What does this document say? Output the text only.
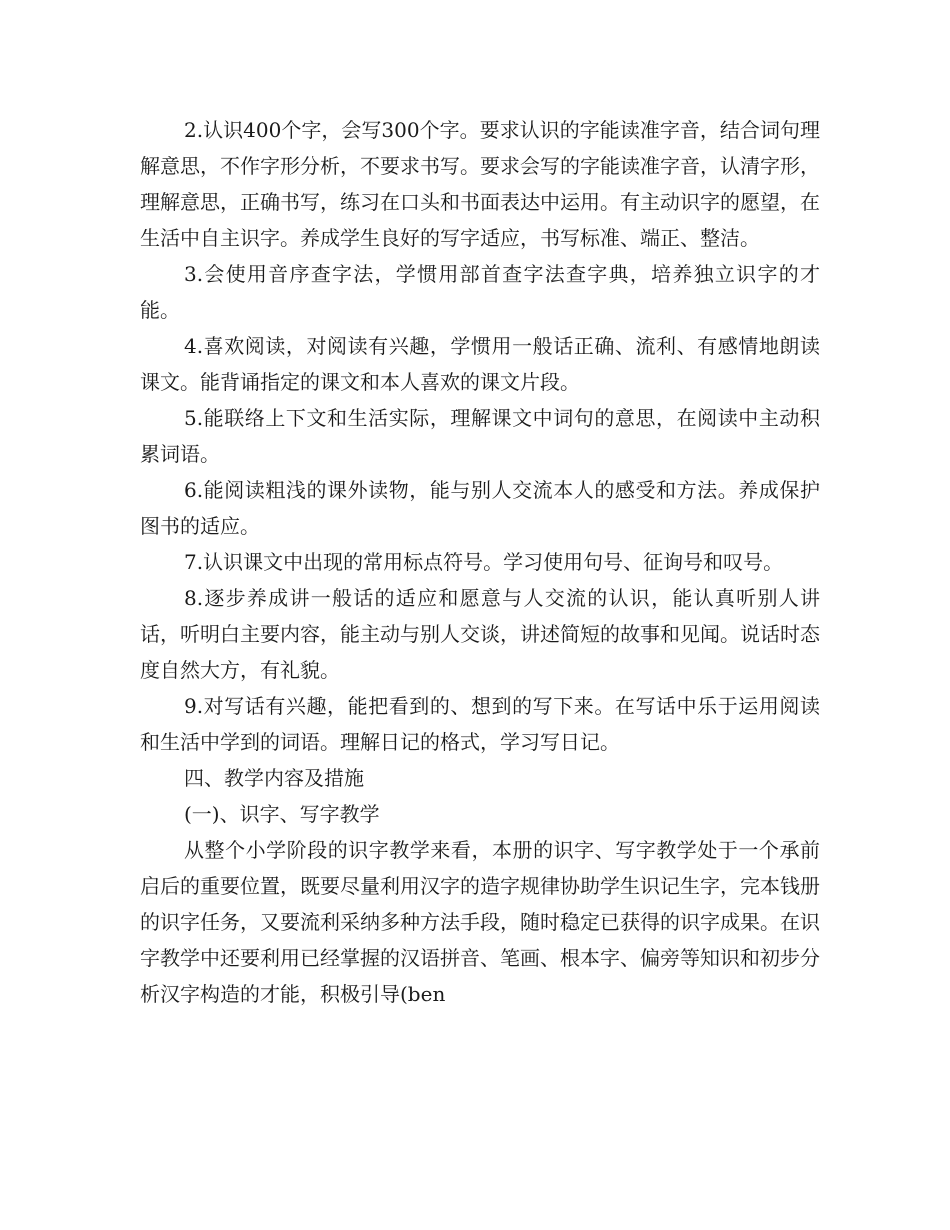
2.认识400个字，会写300个字。要求认识的字能读准字音，结合词句理解意思，不作字形分析，不要求书写。要求会写的字能读准字音，认清字形，理解意思，正确书写，练习在口头和书面表达中运用。有主动识字的愿望，在生活中自主识字。养成学生良好的写字适应，书写标准、端正、整洁。

3.会使用音序查字法，学惯用部首查字法查字典，培养独立识字的才能。

4.喜欢阅读，对阅读有兴趣，学惯用一般话正确、流利、有感情地朗读课文。能背诵指定的课文和本人喜欢的课文片段。

5.能联络上下文和生活实际，理解课文中词句的意思，在阅读中主动积累词语。

6.能阅读粗浅的课外读物，能与别人交流本人的感受和方法。养成保护图书的适应。

7.认识课文中出现的常用标点符号。学习使用句号、征询号和叹号。

8.逐步养成讲一般话的适应和愿意与人交流的认识，能认真听别人讲话，听明白主要内容，能主动与别人交谈，讲述简短的故事和见闻。说话时态度自然大方，有礼貌。

9.对写话有兴趣，能把看到的、想到的写下来。在写话中乐于运用阅读和生活中学到的词语。理解日记的格式，学习写日记。

四、教学内容及措施

(一)、识字、写字教学

从整个小学阶段的识字教学来看，本册的识字、写字教学处于一个承前启后的重要位置，既要尽量利用汉字的造字规律协助学生识记生字，完本钱册的识字任务，又要流利采纳多种方法手段，随时稳定已获得的识字成果。在识字教学中还要利用已经掌握的汉语拼音、笔画、根本字、偏旁等知识和初步分析汉字构造的才能，积极引导(ben
